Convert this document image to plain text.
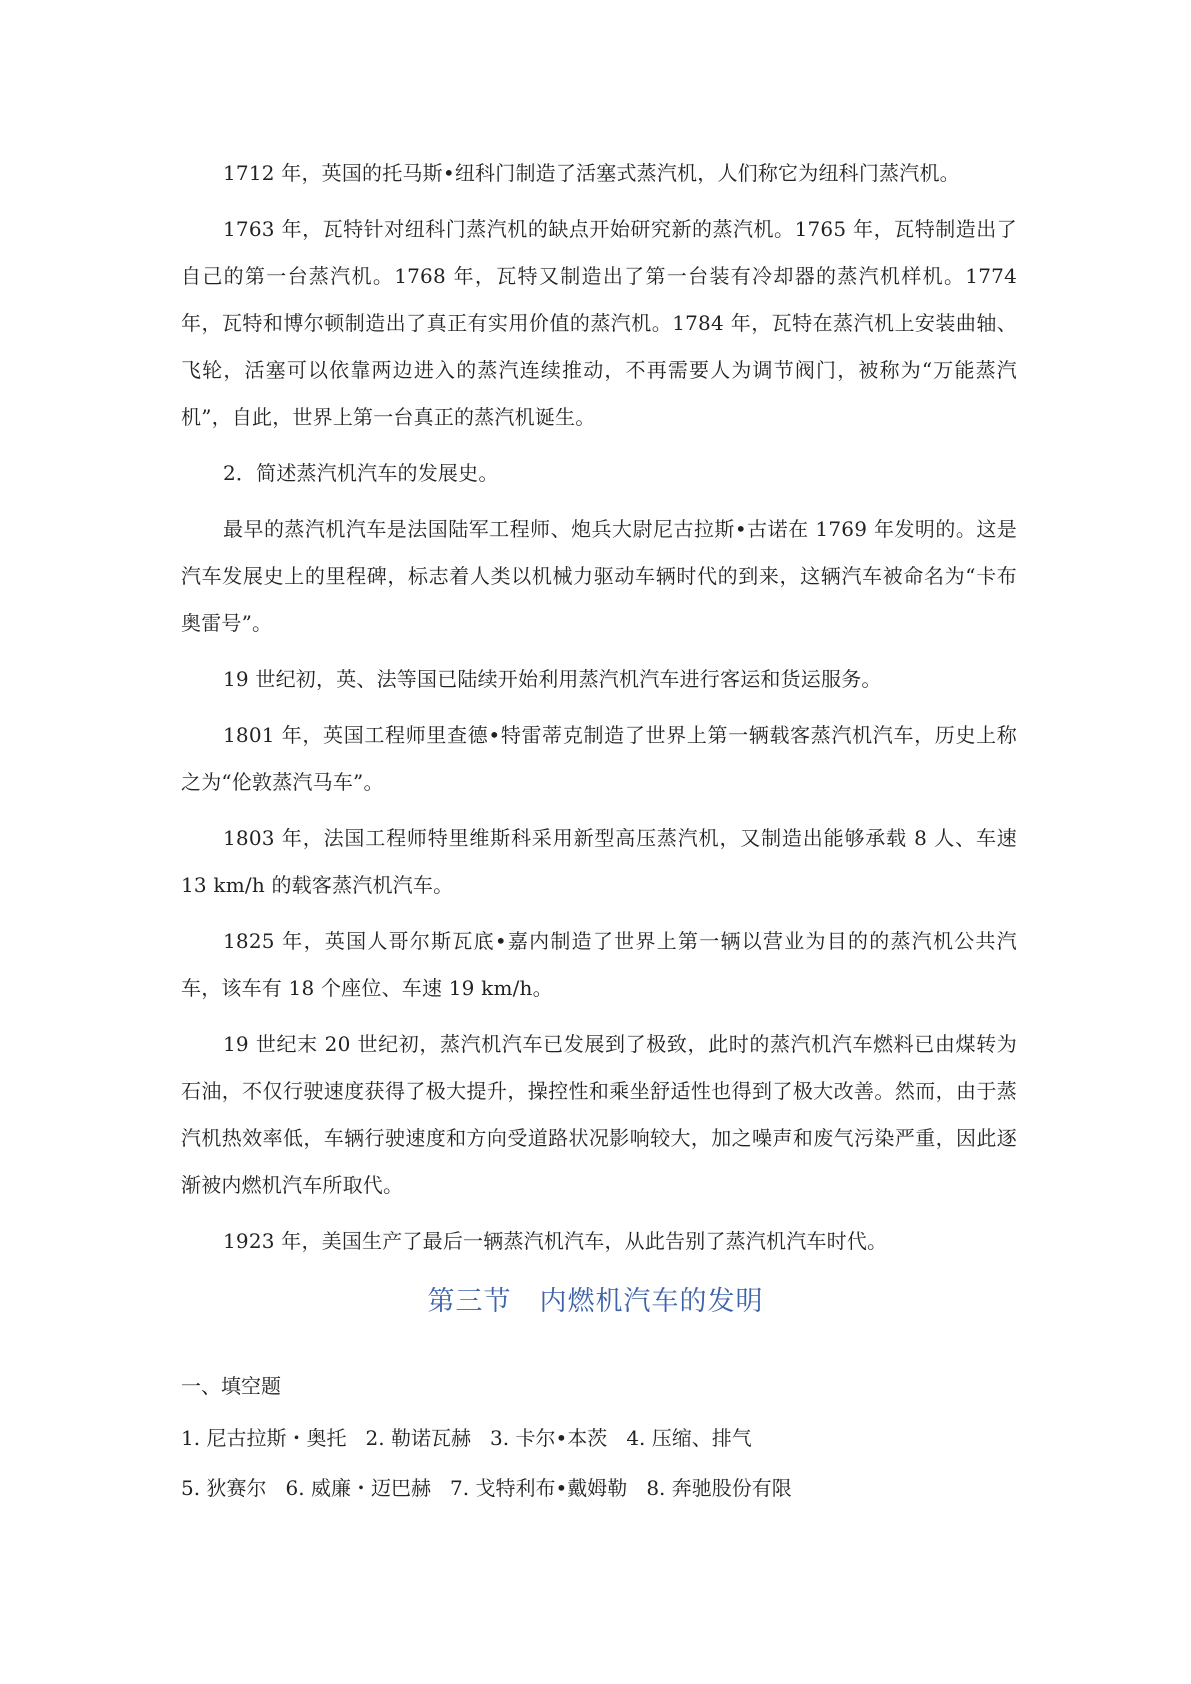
1712 年，英国的托马斯•纽科门制造了活塞式蒸汽机，人们称它为纽科门蒸汽机。

1763 年，瓦特针对纽科门蒸汽机的缺点开始研究新的蒸汽机。1765 年，瓦特制造出了自己的第一台蒸汽机。1768 年，瓦特又制造出了第一台装有冷却器的蒸汽机样机。1774 年，瓦特和博尔顿制造出了真正有实用价值的蒸汽机。1784 年，瓦特在蒸汽机上安装曲轴、飞轮，活塞可以依靠两边进入的蒸汽连续推动，不再需要人为调节阀门，被称为“万能蒸汽机”，自此，世界上第一台真正的蒸汽机诞生。

2．简述蒸汽机汽车的发展史。

最早的蒸汽机汽车是法国陆军工程师、炮兵大尉尼古拉斯•古诺在 1769 年发明的。这是汽车发展史上的里程碑，标志着人类以机械力驱动车辆时代的到来，这辆汽车被命名为“卡布奥雷号”。

19 世纪初，英、法等国已陆续开始利用蒸汽机汽车进行客运和货运服务。

1801 年，英国工程师里查德•特雷蒂克制造了世界上第一辆载客蒸汽机汽车，历史上称之为“伦敦蒸汽马车”。

1803 年，法国工程师特里维斯科采用新型高压蒸汽机，又制造出能够承载 8 人、车速 13 km/h 的载客蒸汽机汽车。

1825 年，英国人哥尔斯瓦底•嘉内制造了世界上第一辆以营业为目的的蒸汽机公共汽车，该车有 18 个座位、车速 19 km/h。

19 世纪末 20 世纪初，蒸汽机汽车已发展到了极致，此时的蒸汽机汽车燃料已由煤转为石油，不仅行驶速度获得了极大提升，操控性和乘坐舒适性也得到了极大改善。然而，由于蒸汽机热效率低，车辆行驶速度和方向受道路状况影响较大，加之噪声和废气污染严重，因此逐渐被内燃机汽车所取代。

1923 年，美国生产了最后一辆蒸汽机汽车，从此告别了蒸汽机汽车时代。

第三节　内燃机汽车的发明

一、填空题

1. 尼古拉斯・奥托   2. 勒诺瓦赫   3. 卡尔•本茨   4. 压缩、排气

5. 狄赛尔   6. 威廉・迈巴赫   7. 戈特利布•戴姆勒   8. 奔驰股份有限
